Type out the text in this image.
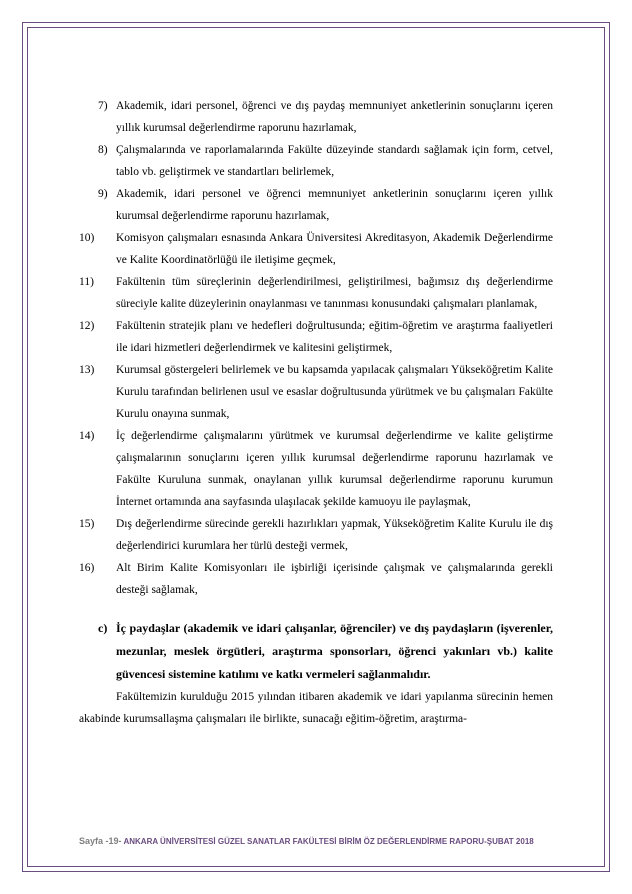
7) Akademik, idari personel, öğrenci ve dış paydaş memnuniyet anketlerinin sonuçlarını içeren yıllık kurumsal değerlendirme raporunu hazırlamak,
8) Çalışmalarında ve raporlamalarında Fakülte düzeyinde standardı sağlamak için form, cetvel, tablo vb. geliştirmek ve standartları belirlemek,
9) Akademik, idari personel ve öğrenci memnuniyet anketlerinin sonuçlarını içeren yıllık kurumsal değerlendirme raporunu hazırlamak,
10)	Komisyon çalışmaları esnasında Ankara Üniversitesi Akreditasyon, Akademik Değerlendirme ve Kalite Koordinatörlüğü ile iletişime geçmek,
11)	Fakültenin tüm süreçlerinin değerlendirilmesi, geliştirilmesi, bağımsız dış değerlendirme süreciyle kalite düzeylerinin onaylanması ve tanınması konusundaki çalışmaları planlamak,
12)	Fakültenin stratejik planı ve hedefleri doğrultusunda; eğitim-öğretim ve araştırma faaliyetleri ile idari hizmetleri değerlendirmek ve kalitesini geliştirmek,
13)	Kurumsal göstergeleri belirlemek ve bu kapsamda yapılacak çalışmaları Yükseköğretim Kalite Kurulu tarafından belirlenen usul ve esaslar doğrultusunda yürütmek ve bu çalışmaları Fakülte Kurulu onayına sunmak,
14)	İç değerlendirme çalışmalarını yürütmek ve kurumsal değerlendirme ve kalite geliştirme çalışmalarının sonuçlarını içeren yıllık kurumsal değerlendirme raporunu hazırlamak ve Fakülte Kuruluna sunmak, onaylanan yıllık kurumsal değerlendirme raporunu kurumun İnternet ortamında ana sayfasında ulaşılacak şekilde kamuoyu ile paylaşmak,
15)	Dış değerlendirme sürecinde gerekli hazırlıkları yapmak, Yükseköğretim Kalite Kurulu ile dış değerlendirici kurumlara her türlü desteği vermek,
16)	Alt Birim Kalite Komisyonları ile işbirliği içerisinde çalışmak ve çalışmalarında gerekli desteği sağlamak,
c) İç paydaşlar (akademik ve idari çalışanlar, öğrenciler) ve dış paydaşların (işverenler, mezunlar, meslek örgütleri, araştırma sponsorları, öğrenci yakınları vb.) kalite güvencesi sistemine katılımı ve katkı vermeleri sağlanmalıdır.
Fakültemizin kurulduğu 2015 yılından itibaren akademik ve idari yapılanma sürecinin hemen akabinde kurumsallaşma çalışmaları ile birlikte, sunacağı eğitim-öğretim, araştırma-
Sayfa -19- ANKARA ÜNİVERSİTESİ GÜZEL SANATLAR FAKÜLTESİ BİRİM ÖZ DEĞERLENDİRME RAPORU-ŞUBAT 2018
